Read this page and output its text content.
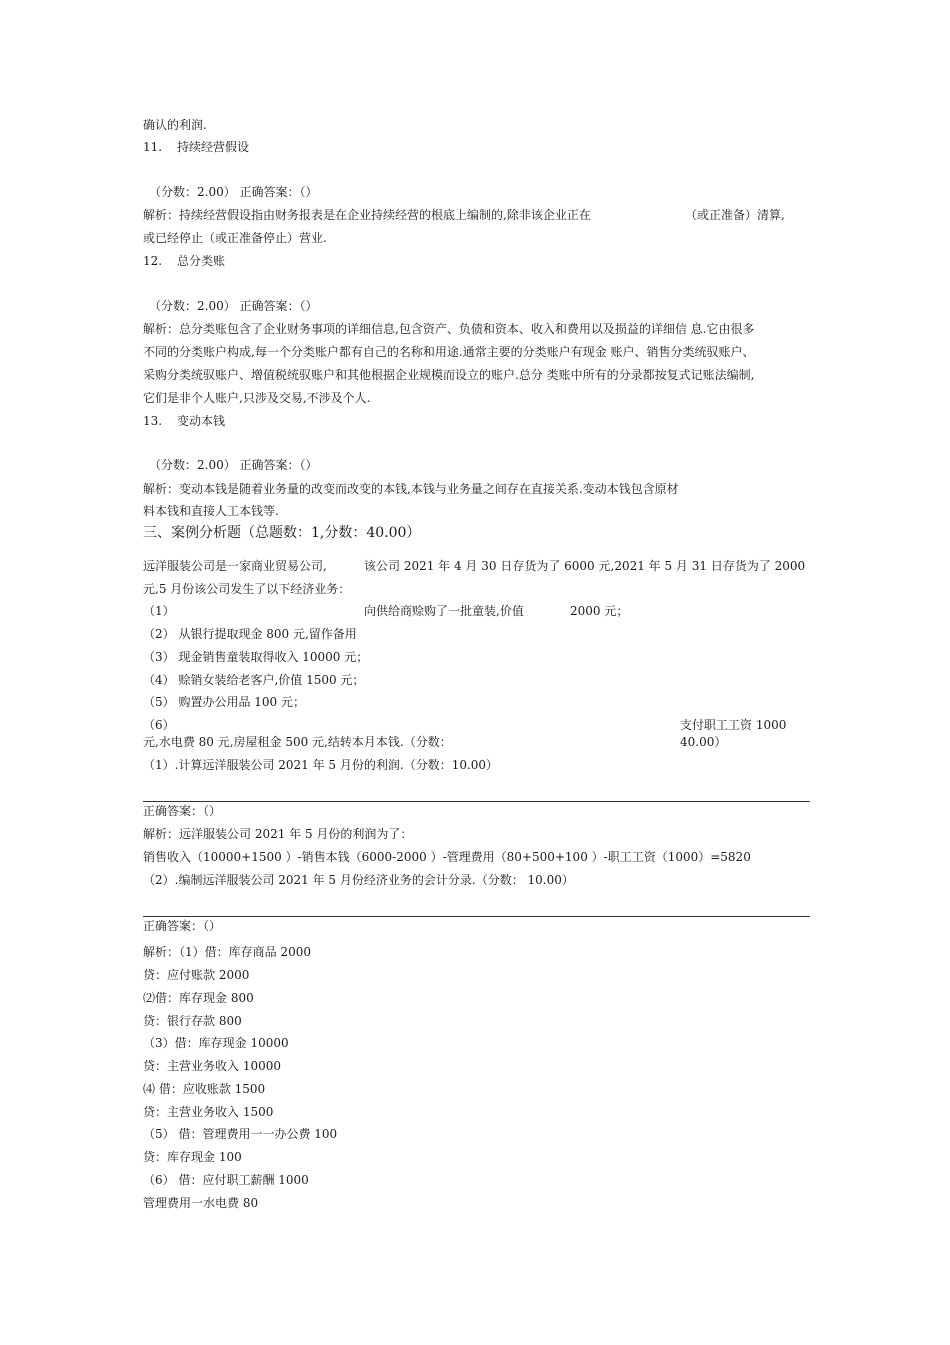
确认的利润.
11. 持续经营假设
（分数：2.00） 正确答案：（）
解析：持续经营假设指由财务报表是在企业持续经营的根底上编制的,除非该企业正在	（或正准备）清算,
或已经停止（或正准备停止）营业.
12. 总分类账
（分数：2.00） 正确答案：（）
解析：总分类账包含了企业财务事项的详细信息,包含资产、负债和资本、收入和费用以及损益的详细信 息.它由很多
不同的分类账户构成,每一个分类账户都有自己的名称和用途.通常主要的分类账户有现金 账户、销售分类统驭账户、
采购分类统驭账户、增值税统驭账户和其他根据企业规模而设立的账户.总分 类账中所有的分录都按复式记账法编制,
它们是非个人账户,只涉及交易,不涉及个人.
13. 变动本钱
（分数：2.00） 正确答案：（）
解析：变动本钱是随着业务量的改变而改变的本钱,本钱与业务量之间存在直接关系.变动本钱包含原材
料本钱和直接人工本钱等.
三、案例分析题（总题数：1,分数：40.00）
远洋服装公司是一家商业贸易公司,	该公司 2021 年 4 月 30 日存货为了 6000 元,2021 年 5 月 31 日存货为了 2000
元,5 月份该公司发生了以下经济业务：
（1）	向供给商赊购了一批童装,价值	2000 元；
（2） 从银行提取现金 800 元,留作备用
（3） 现金销售童装取得收入 10000 元；
（4） 赊销女装给老客户,价值 1500 元；
（5） 购置办公用品 100 元；
（6）	支付职工工资 1000
元,水电费 80 元,房屋租金 500 元,结转本月本钱.（分数：	40.00）
（1）.计算远洋服装公司 2021 年 5 月份的利润.（分数：10.00）
正确答案：（）
解析：远洋服装公司 2021 年 5 月份的利润为了：
销售收入（10000+1500 ）-销售本钱（6000-2000 ）-管理费用（80+500+100 ）-职工工资（1000）=5820
（2）.编制远洋服装公司 2021 年 5 月份经济业务的会计分录.（分数： 10.00）
正确答案：（）
解析：（1）借：库存商品 2000
贷：应付账款 2000
⑵借：库存现金 800
贷：银行存款 800
（3）借：库存现金 10000
贷：主营业务收入 10000
⑷ 借：应收账款 1500
贷：主营业务收入 1500
（5） 借：管理费用一一办公费 100
贷：库存现金 100
（6） 借：应付职工薪酬 1000
管理费用一水电费 80
